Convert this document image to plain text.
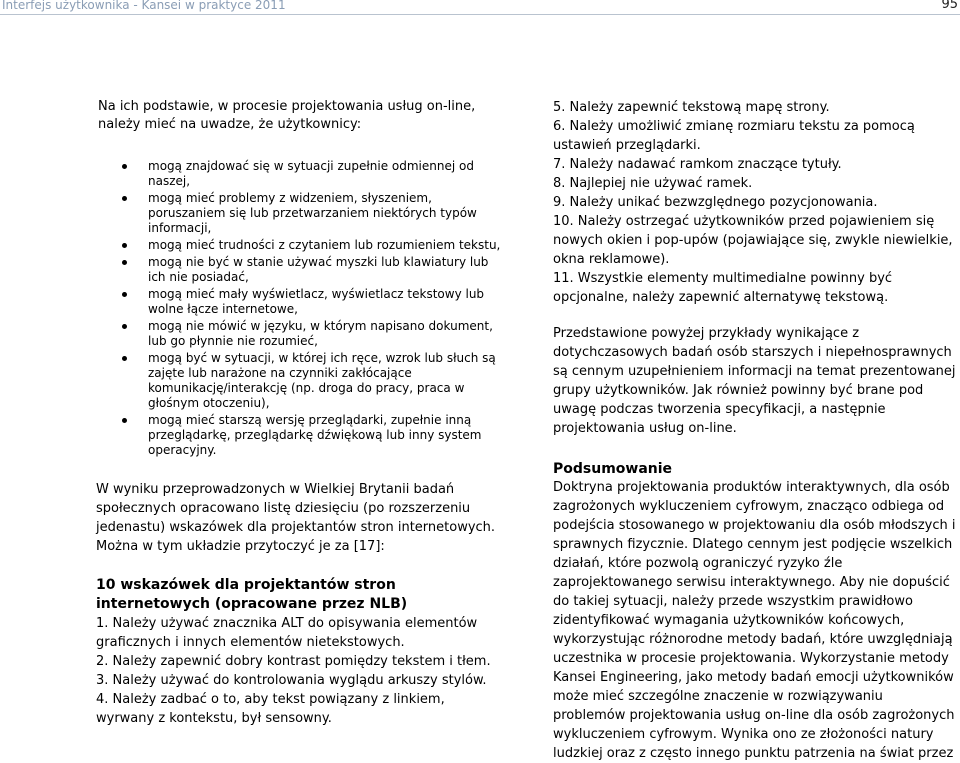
Interfejs użytkownika - Kansei w praktyce 2011	95

Na ich podstawie, w procesie projektowania usług on-line, należy mieć na uwadze, że użytkownicy:

mogą znajdować się w sytuacji zupełnie odmiennej od naszej,
mogą mieć problemy z widzeniem, słyszeniem, poruszaniem się lub przetwarzaniem niektórych typów informacji,
mogą mieć trudności z czytaniem lub rozumieniem tekstu,
mogą nie być w stanie używać myszki lub klawiatury lub ich nie posiadać,
mogą mieć mały wyświetlacz, wyświetlacz tekstowy lub wolne łącze internetowe,
mogą nie mówić w języku, w którym napisano dokument, lub go płynnie nie rozumieć,
mogą być w sytuacji, w której ich ręce, wzrok lub słuch są zajęte lub narażone na czynniki zakłócające komunikację/interakcję (np. droga do pracy, praca w głośnym otoczeniu),
mogą mieć starszą wersję przeglądarki, zupełnie inną przeglądarkę, przeglądarkę dźwiękową lub inny system operacyjny.

W wyniku przeprowadzonych w Wielkiej Brytanii badań społecznych opracowano listę dziesięciu (po rozszerzeniu jedenastu) wskazówek dla projektantów stron internetowych. Można w tym układzie przytoczyć je za [17]:

10 wskazówek dla projektantów stron internetowych (opracowane przez NLB)

1. Należy używać znacznika ALT do opisywania elementów graficznych i innych elementów nietekstowych.

2. Należy zapewnić dobry kontrast pomiędzy tekstem i tłem.

3. Należy używać do kontrolowania wyglądu arkuszy stylów.

4. Należy zadbać o to, aby tekst powiązany z linkiem, wyrwany z kontekstu, był sensowny.

5. Należy zapewnić tekstową mapę strony.

6. Należy umożliwić zmianę rozmiaru tekstu za pomocą ustawień przeglądarki.

7. Należy nadawać ramkom znaczące tytuły.

8. Najlepiej nie używać ramek.

9. Należy unikać bezwzględnego pozycjonowania.

10. Należy ostrzegać użytkowników przed pojawieniem się nowych okien i pop-upów (pojawiające się, zwykle niewielkie, okna reklamowe).

11. Wszystkie elementy multimedialne powinny być opcjonalne, należy zapewnić alternatywę tekstową.

Przedstawione powyżej przykłady wynikające z dotychczasowych badań osób starszych i niepełnosprawnych są cennym uzupełnieniem informacji na temat prezentowanej grupy użytkowników. Jak również powinny być brane pod uwagę podczas tworzenia specyfikacji, a następnie projektowania usług on-line.

Podsumowanie

Doktryna projektowania produktów interaktywnych, dla osób zagrożonych wykluczeniem cyfrowym, znacząco odbiega od podejścia stosowanego w projektowaniu dla osób młodszych i sprawnych fizycznie. Dlatego cennym jest podjęcie wszelkich działań, które pozwolą ograniczyć ryzyko źle zaprojektowanego serwisu interaktywnego. Aby nie dopuścić do takiej sytuacji, należy przede wszystkim prawidłowo zidentyfikować wymagania użytkowników końcowych, wykorzystując różnorodne metody badań, które uwzględniają uczestnika w procesie projektowania. Wykorzystanie metody Kansei Engineering, jako metody badań emocji użytkowników może mieć szczególne znaczenie w rozwiązywaniu problemów projektowania usług on-line dla osób zagrożonych wykluczeniem cyfrowym. Wynika ono ze złożoności natury ludzkiej oraz z często innego punktu patrzenia na świat przez
